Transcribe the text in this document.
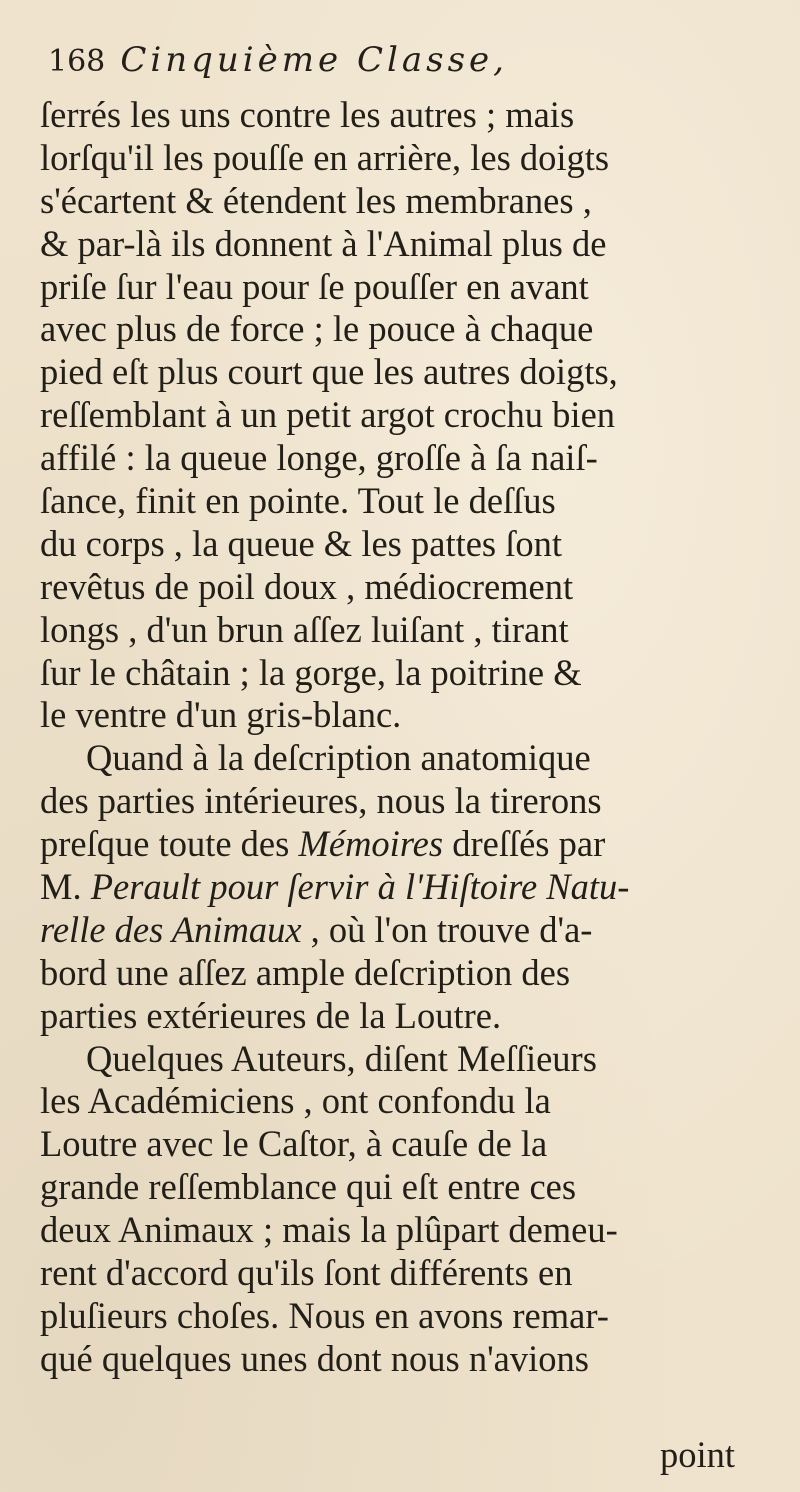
168 Cinquième Classe,
ſerrés les uns contre les autres ; mais
lorſqu'il les pouſſe en arrière, les doigts
s'écartent & étendent les membranes ,
& par-là ils donnent à l'Animal plus de
priſe ſur l'eau pour ſe pouſſer en avant
avec plus de force ; le pouce à chaque
pied eſt plus court que les autres doigts,
reſſemblant à un petit argot crochu bien
affilé : la queue longe, groſſe à ſa naiſ-
ſance, finit en pointe. Tout le deſſus
du corps , la queue & les pattes ſont
revêtus de poil doux , médiocrement
longs , d'un brun aſſez luiſant , tirant
ſur le châtain ; la gorge, la poitrine &
le ventre d'un gris-blanc.
Quand à la deſcription anatomique
des parties intérieures, nous la tirerons
preſque toute des Mémoires dreſſés par
M. Perault pour ſervir à l'Hiſtoire Natu-
relle des Animaux , où l'on trouve d'a-
bord une aſſez ample deſcription des
parties extérieures de la Loutre.
Quelques Auteurs, diſent Meſſieurs
les Académiciens , ont confondu la
Loutre avec le Caſtor, à cauſe de la
grande reſſemblance qui eſt entre ces
deux Animaux ; mais la plûpart demeu-
rent d'accord qu'ils ſont différents en
pluſieurs choſes. Nous en avons remar-
qué quelques unes dont nous n'avions
point
